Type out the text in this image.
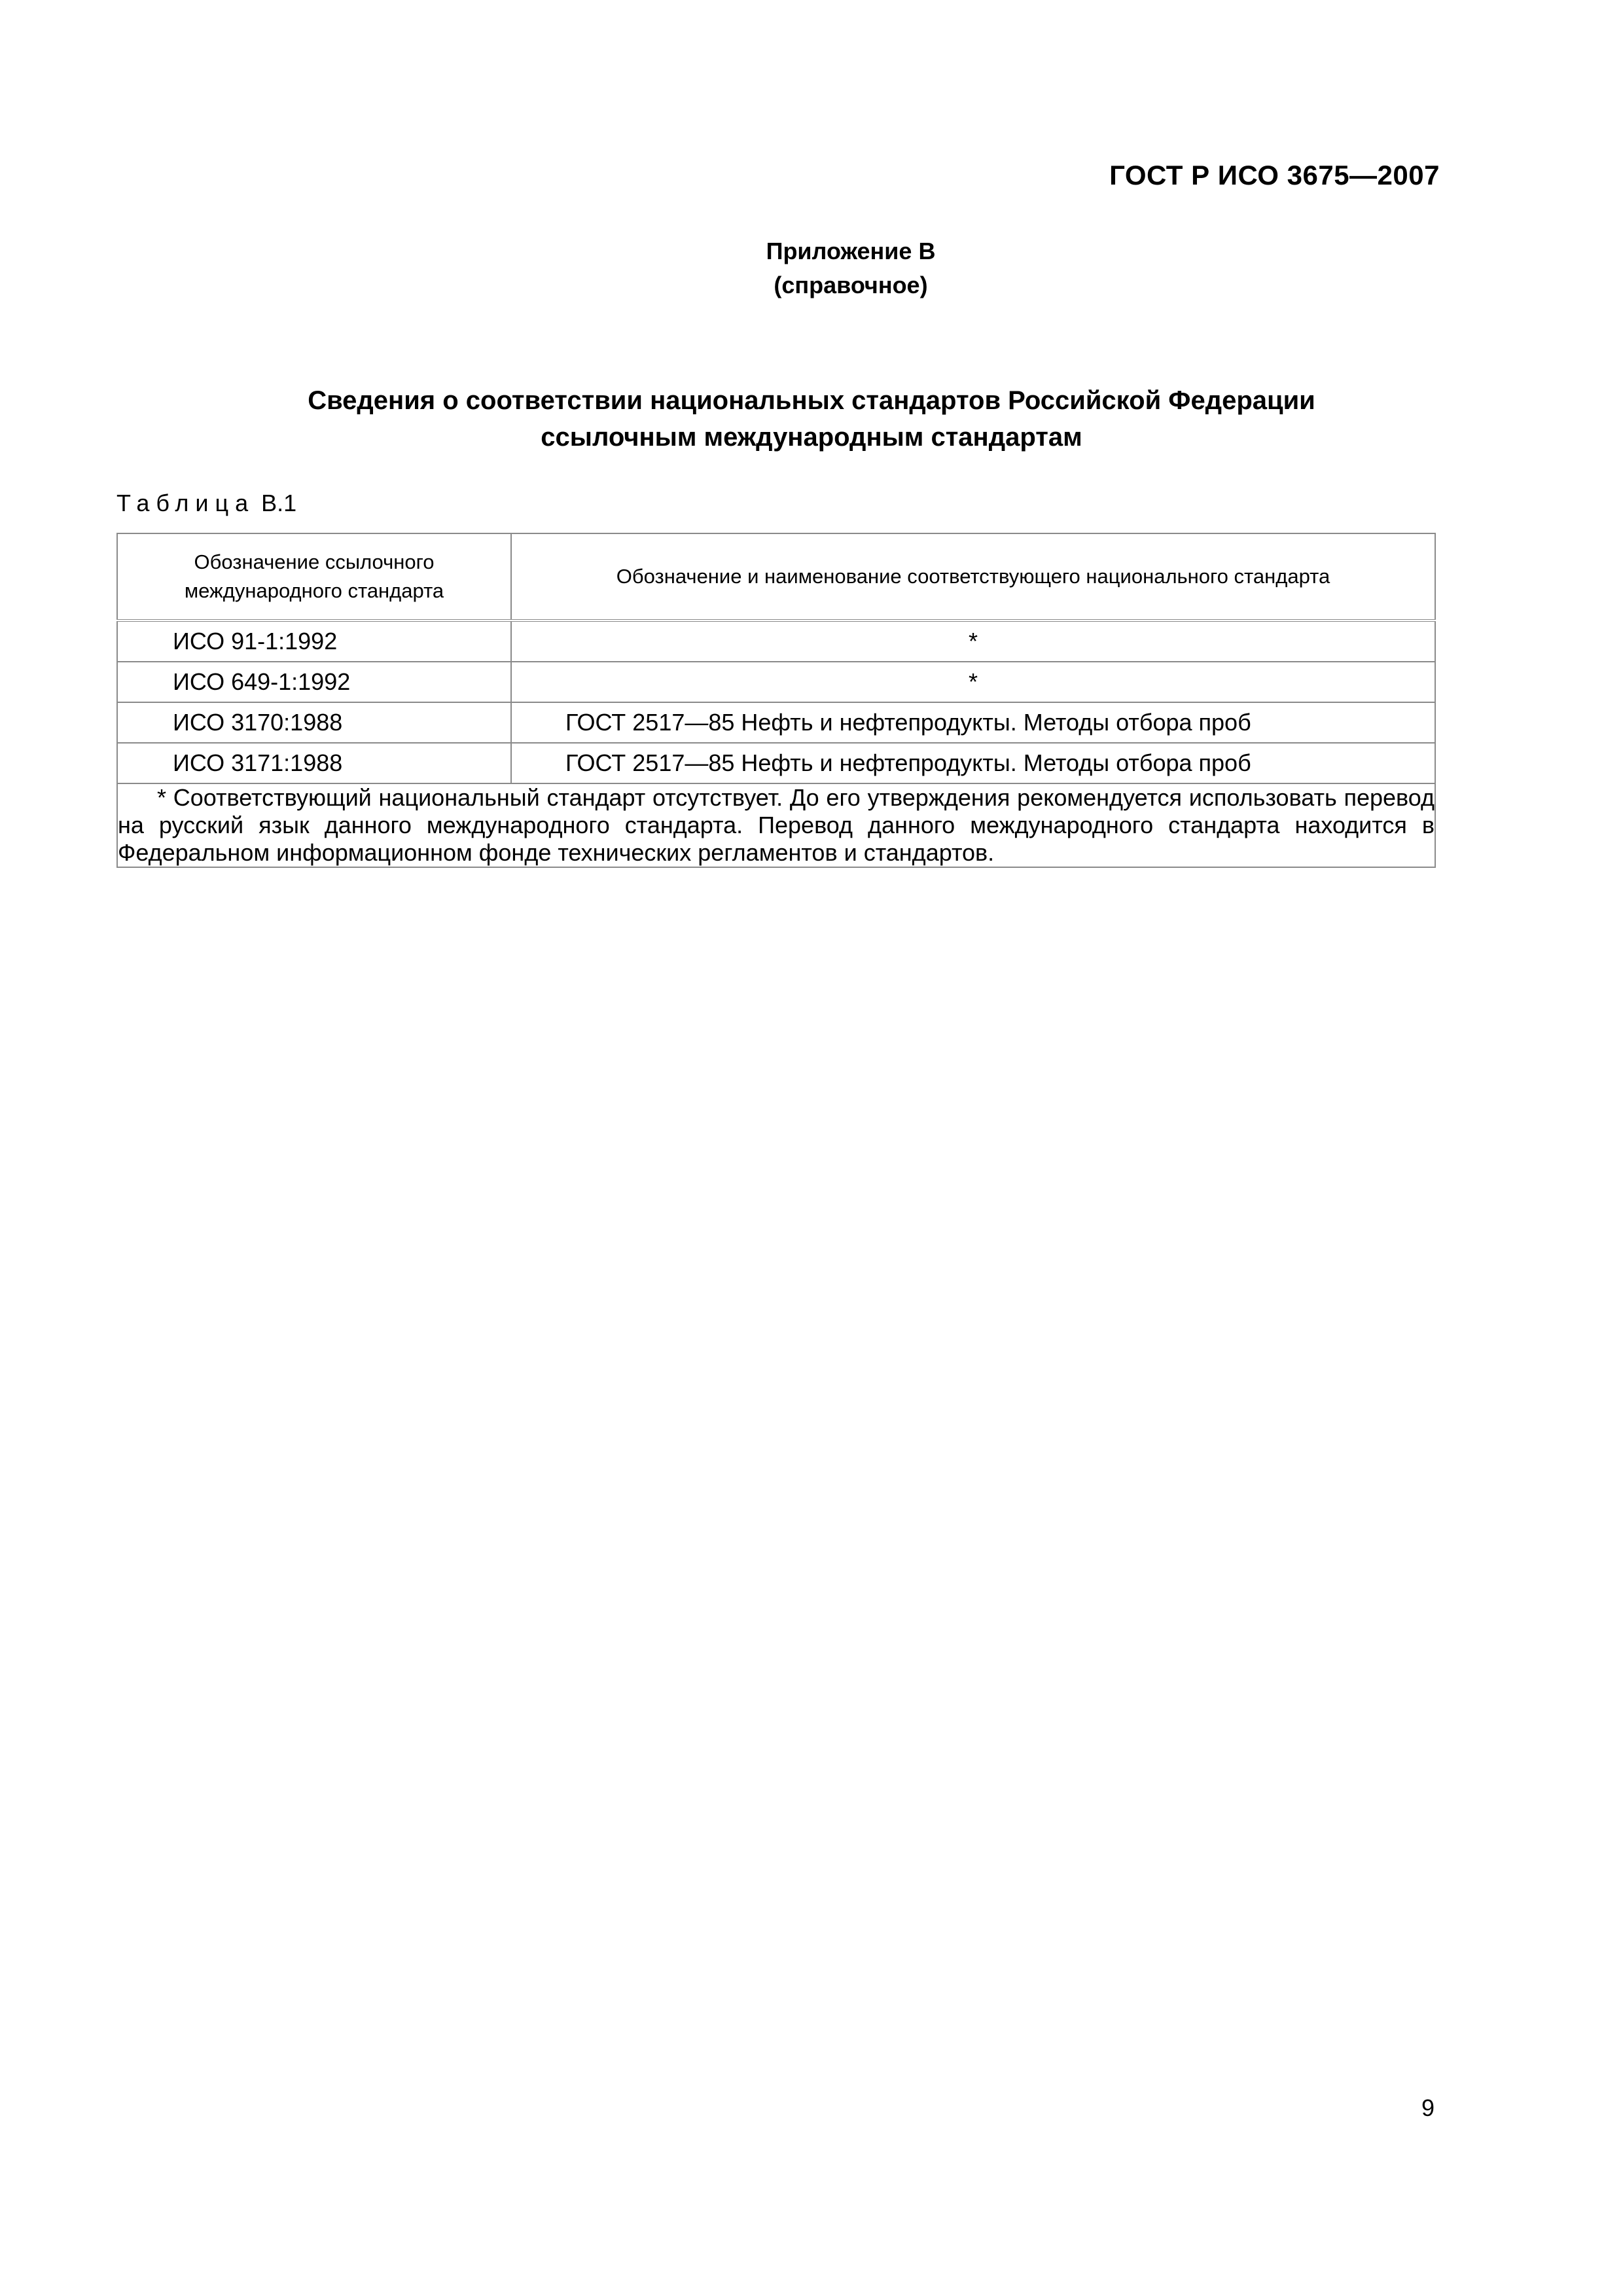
ГОСТ Р ИСО 3675—2007
Приложение В
(справочное)
Сведения о соответствии национальных стандартов Российской Федерации
ссылочным международным стандартам
Таблица В.1
Обозначение ссылочного
международного стандарта	Обозначение и наименование соответствующего национального стандарта
ИСО 91-1:1992	*
ИСО 649-1:1992	*
ИСО 3170:1988	ГОСТ 2517—85 Нефть и нефтепродукты. Методы отбора проб
ИСО 3171:1988	ГОСТ 2517—85 Нефть и нефтепродукты. Методы отбора проб
* Соответствующий национальный стандарт отсутствует. До его утверждения рекомендуется использовать перевод на русский язык данного международного стандарта. Перевод данного международного стандарта находится в Федеральном информационном фонде технических регламентов и стандартов.	
9
